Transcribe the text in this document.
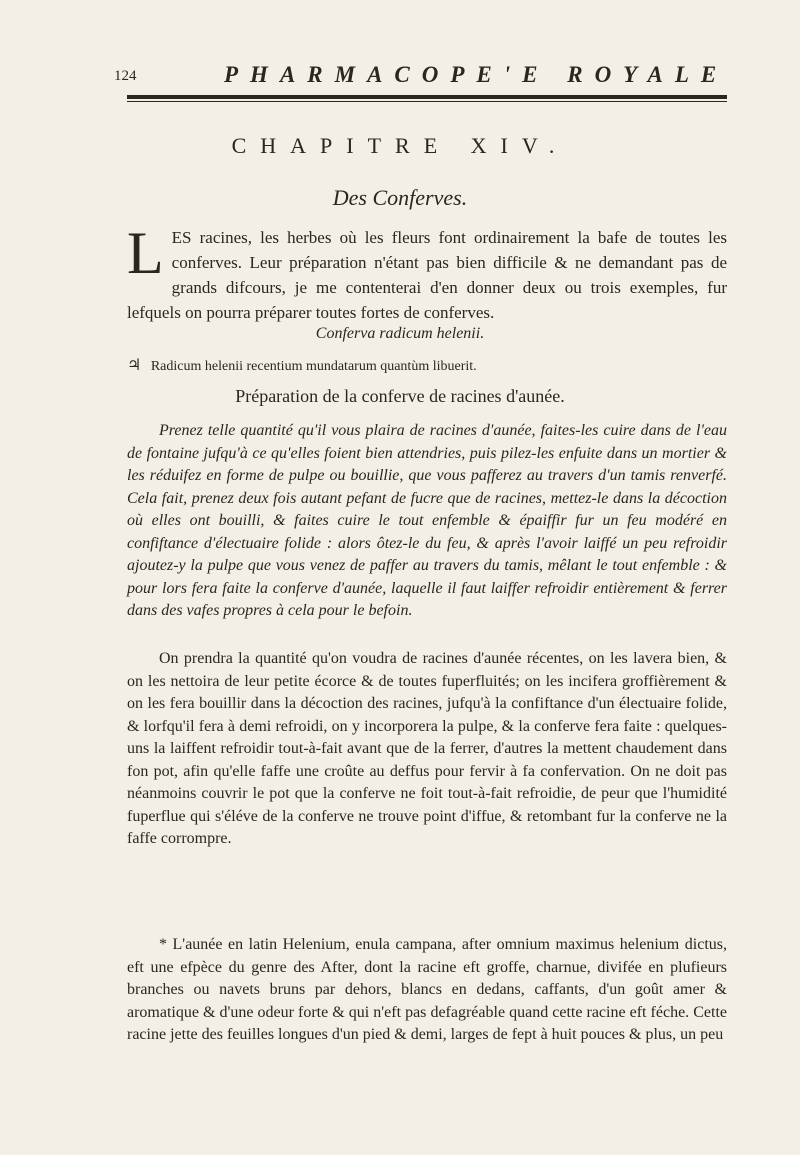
124	PHARMACOPE'E ROYALE
CHAPITRE XIV.
Des Conferves.
L ES racines, les herbes où les fleurs font ordinairement la bafe de toutes les conferves. Leur préparation n'étant pas bien difficile & ne demandant pas de grands difcours, je me contenterai d'en donner deux ou trois exemples, fur lefquels on pourra préparer toutes fortes de conferves.
Conferva radicum helenii.
♃ Radicum helenii recentium mundatarum quantùm libuerit.
Préparation de la conferve de racines d'aunée.
Prenez telle quantité qu'il vous plaira de racines d'aunée, faites-les cuire dans de l'eau de fontaine jufqu'à ce qu'elles foient bien attendries, puis pilez-les enfuite dans un mortier & les réduifez en forme de pulpe ou bouillie, que vous pafferez au travers d'un tamis renverfé. Cela fait, prenez deux fois autant pefant de fucre que de racines, mettez-le dans la décoction où elles ont bouilli, & faites cuire le tout enfemble & épaiffir fur un feu modéré en confiftance d'électuaire folide : alors ôtez-le du feu, & après l'avoir laiffé un peu refroidir ajoutez-y la pulpe que vous venez de paffer au travers du tamis, mêlant le tout enfemble : & pour lors fera faite la conferve d'aunée, laquelle il faut laiffer refroidir entièrement & ferrer dans des vafes propres à cela pour le befoin.
On prendra la quantité qu'on voudra de racines d'aunée récentes, on les lavera bien, & on les nettoira de leur petite écorce & de toutes fuperfluités; on les incifera groffièrement & on les fera bouillir dans la décoction des racines, jufqu'à la confiftance d'un électuaire folide, & lorfqu'il fera à demi refroidi, on y incorporera la pulpe, & la conferve fera faite : quelques-uns la laiffent refroidir tout-à-fait avant que de la ferrer, d'autres la mettent chaudement dans fon pot, afin qu'elle faffe une croûte au deffus pour fervir à fa confervation. On ne doit pas néanmoins couvrir le pot que la conferve ne foit tout-à-fait refroidie, de peur que l'humidité fuperflue qui s'éléve de la conferve ne trouve point d'iffue, & retombant fur la conferve ne la faffe corrompre.
* L'aunée en latin Helenium, enula campana, after omnium maximus helenium dictus, eft une efpèce du genre des After, dont la racine eft groffe, charnue, divifée en plufieurs branches ou navets bruns par dehors, blancs en dedans, caffants, d'un goût amer & aromatique & d'une odeur forte & qui n'eft pas defagréable quand cette racine eft féche. Cette racine jette des feuilles longues d'un pied & demi, larges de fept à huit pouces & plus, un peu
